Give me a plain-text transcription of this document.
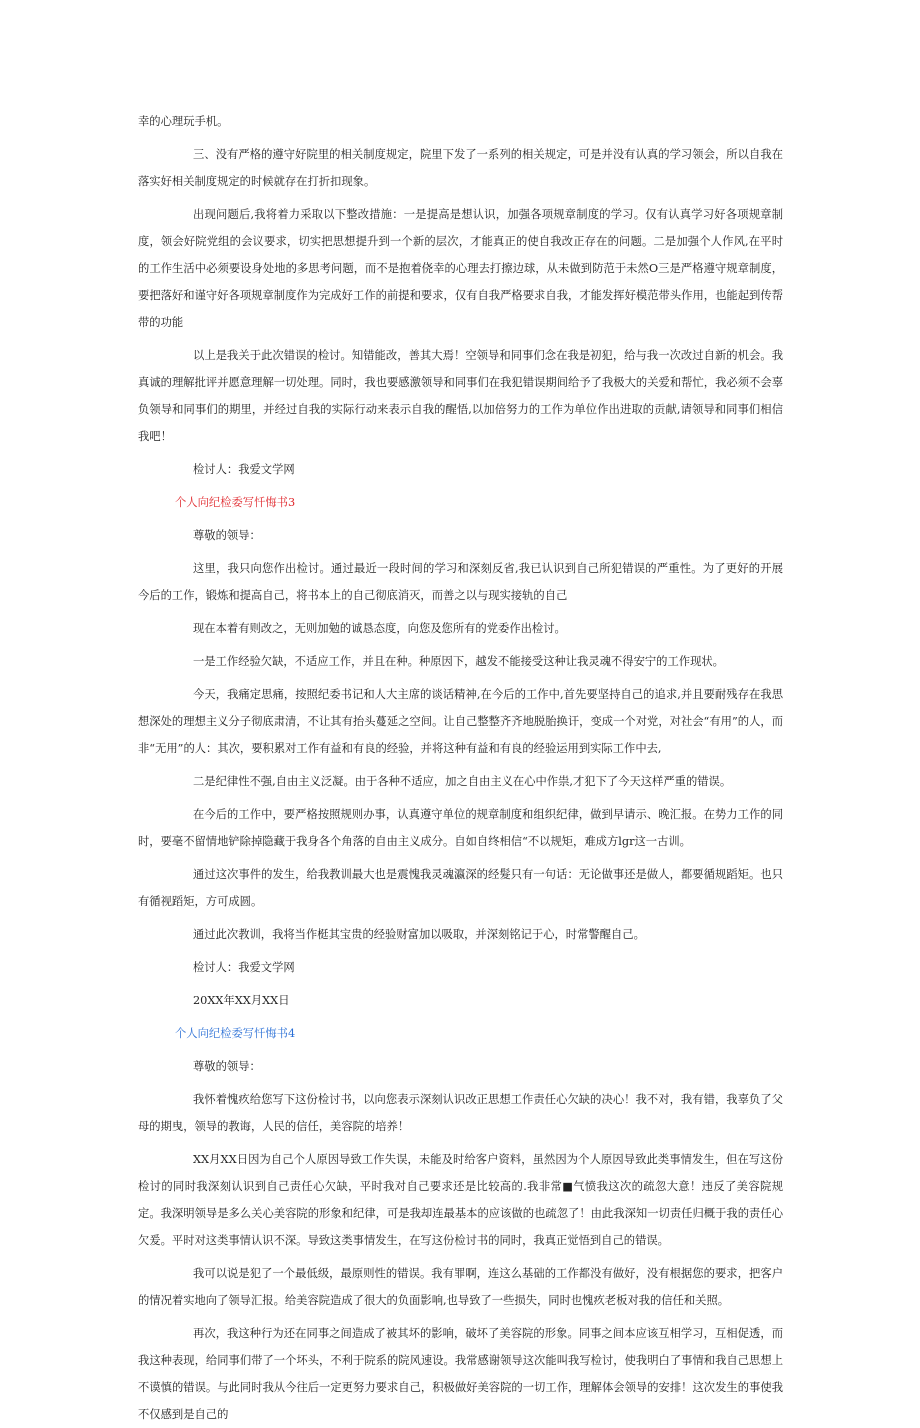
幸的心理玩手机。

三、没有严格的遵守好院里的相关制度规定，院里下发了一系列的相关规定，可是并没有认真的学习领会，所以自我在落实好相关制度规定的时候就存在打折扣现象。

出现问题后,我将着力采取以下整改措施：一是提高是想认识，加强各项规章制度的学习。仅有认真学习好各项规章制度，领会好院党组的会议要求，切实把思想提升到一个新的层次，才能真正的使自我改正存在的问题。二是加强个人作风,在平时的工作生活中必须要设身处地的多思考问题，而不是抱着侥幸的心理去打擦边球，从未做到防范于未然O三是严格遵守规章制度，要把落好和谨守好各项规章制度作为完成好工作的前提和要求，仅有自我严格要求自我，才能发挥好模范带头作用，也能起到传帮带的功能

以上是我关于此次错误的检讨。知错能改，善其大焉！空领导和同事们念在我是初犯，给与我一次改过自新的机会。我真诚的理解批评并愿意理解一切处理。同时，我也要感激领导和同事们在我犯错误期间给予了我极大的关爱和帮忙，我必须不会辜负领导和同事们的期里，并经过自我的实际行动来表示自我的醒悟,以加倍努力的工作为单位作出进取的贡献,请领导和同事们相信我吧！

检讨人：我爱文学网

个人向纪检委写忏悔书3

尊敬的领导：

这里，我只向您作出检讨。通过最近一段时间的学习和深刻反省,我已认识到自己所犯错误的严重性。为了更好的开展今后的工作，锻炼和提高自己，将书本上的自己彻底消灭，而善之以与现实接轨的自己

现在本着有则改之，无则加勉的诚恳态度，向您及您所有的党委作出检讨。

一是工作经验欠缺，不适应工作，并且在种。种原因下，越发不能接受这种让我灵魂不得安宁的工作现状。

今天，我痛定思痛，按照纪委书记和人大主席的谈话精神,在今后的工作中,首先要坚持自己的追求,并且要耐残存在我思想深处的理想主义分子彻底肃清，不让其有抬头蔓延之空间。让自己整整齐齐地脱胎换讦，变成一个对党，对社会“有用”的人，而非“无用”的人：其次，要积累对工作有益和有良的经验，并将这种有益和有良的经验运用到实际工作中去,

二是纪律性不强,自由主义泛凝。由于各种不适应，加之自由主义在心中作祟,才犯下了今天这样严重的错误。

在今后的工作中，要严格按照规则办事，认真遵守单位的规章制度和组织纪律，做到早请示、晚汇报。在势力工作的同时，要毫不留情地铲除掉隐藏于我身各个角落的自由主义成分。自如自终相信“不以规矩，难成方lgr这一古训。

通过这次事件的发生，给我教训最大也是震愧我灵魂瀛深的经髮只有一句话：无论做事还是做人，都要循规蹈矩。也只有循视蹈矩，方可成圆。

通过此次教训，我将当作梃其宝贵的经验财富加以吸取，并深刻铭记于心，时常警醒自己。

检讨人：我爱文学网

20XX年XX月XX日

个人向纪检委写忏悔书4

尊敬的领导：

我怀着愧疚给您写下这份检讨书，以向您表示深刻认识改正思想工作责任心欠缺的决心！我不对，我有错，我辜负了父母的期曳，领导的教诲，人民的信任，美容院的培养！

XX月XX日因为自己个人原因导致工作失误，未能及时给客户资料，虽然因为个人原因导致此类事情发生，但在写这份检讨的同时我深刻认识到自己责任心欠缺，平时我对自己要求还是比较高的.我非常■气愤我这次的疏忽大意！违反了美容院规定。我深明领导是多么关心美容院的形象和纪律，可是我却连最基本的应该做的也疏忽了！由此我深知一切责任归概于我的责任心欠爰。平时对这类事情认识不深。导致这类事情发生，在写这份检讨书的同时，我真正觉悟到自己的错误。

我可以说是犯了一个最低级，最原则性的错误。我有罪啊，连这么基础的工作都没有做好，没有根据您的要求，把客户的情况着实地向了领导汇报。给美容院造成了很大的负面影响,也导致了一些损失，同时也愧疚老板对我的信任和关照。

再次，我这种行为还在同事之间造成了被其坏的影响，破坏了美容院的形象。同事之间本应该互相学习，互相促透，而我这种表现，给同事们带了一个坏头，不利于院系的院风速设。我常感谢领导这次能叫我写检讨，使我明白了事情和我自己思想上不谟慎的错误。与此同时我从今往后一定更努力要求自己，积极做好美容院的一切工作，理解体会领导的安排！这次发生的事使我不仅感到是自己的
